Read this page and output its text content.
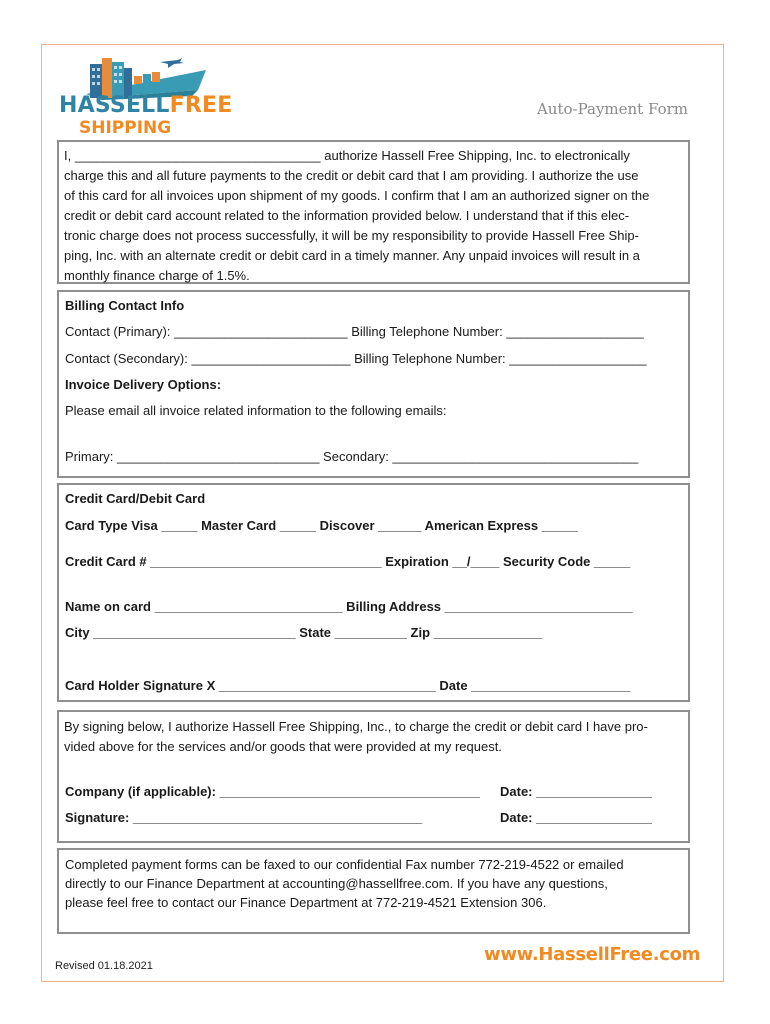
HASSELLFREE
SHIPPING
Auto-Payment Form

I, __________________________________ authorize Hassell Free Shipping, Inc. to electronically

charge this and all future payments to the credit or debit card that I am providing. I authorize the use

of this card for all invoices upon shipment of my goods. I confirm that I am an authorized signer on the

credit or debit card account related to the information provided below. I understand that if this elec-

tronic charge does not process successfully, it will be my responsibility to provide Hassell Free Ship-

ping, Inc. with an alternate credit or debit card in a timely manner. Any unpaid invoices will result in a

monthly finance charge of 1.5%.

Billing Contact Info
Contact (Primary): ________________________ Billing Telephone Number: ___________________
Contact (Secondary): ______________________ Billing Telephone Number: ___________________
Invoice Delivery Options:
Please email all invoice related information to the following emails:
Primary: ____________________________ Secondary: __________________________________
Credit Card/Debit Card
Card Type Visa _____ Master Card _____ Discover ______ American Express _____
Credit Card # ________________________________ Expiration __/____ Security Code _____
Name on card __________________________ Billing Address __________________________
City ____________________________ State __________ Zip _______________
Card Holder Signature X ______________________________ Date ______________________

By signing below, I authorize Hassell Free Shipping, Inc., to charge the credit or debit card I have pro-

vided above for the services and/or goods that were provided at my request.

Company (if applicable): ____________________________________	Date: ________________
Signature: ________________________________________	Date: ________________

Completed payment forms can be faxed to our confidential Fax number 772-219-4522 or emailed

directly to our Finance Department at accounting@hassellfree.com. If you have any questions,

please feel free to contact our Finance Department at 772-219-4521 Extension 306.

Revised 01.18.2021
www.HassellFree.com
